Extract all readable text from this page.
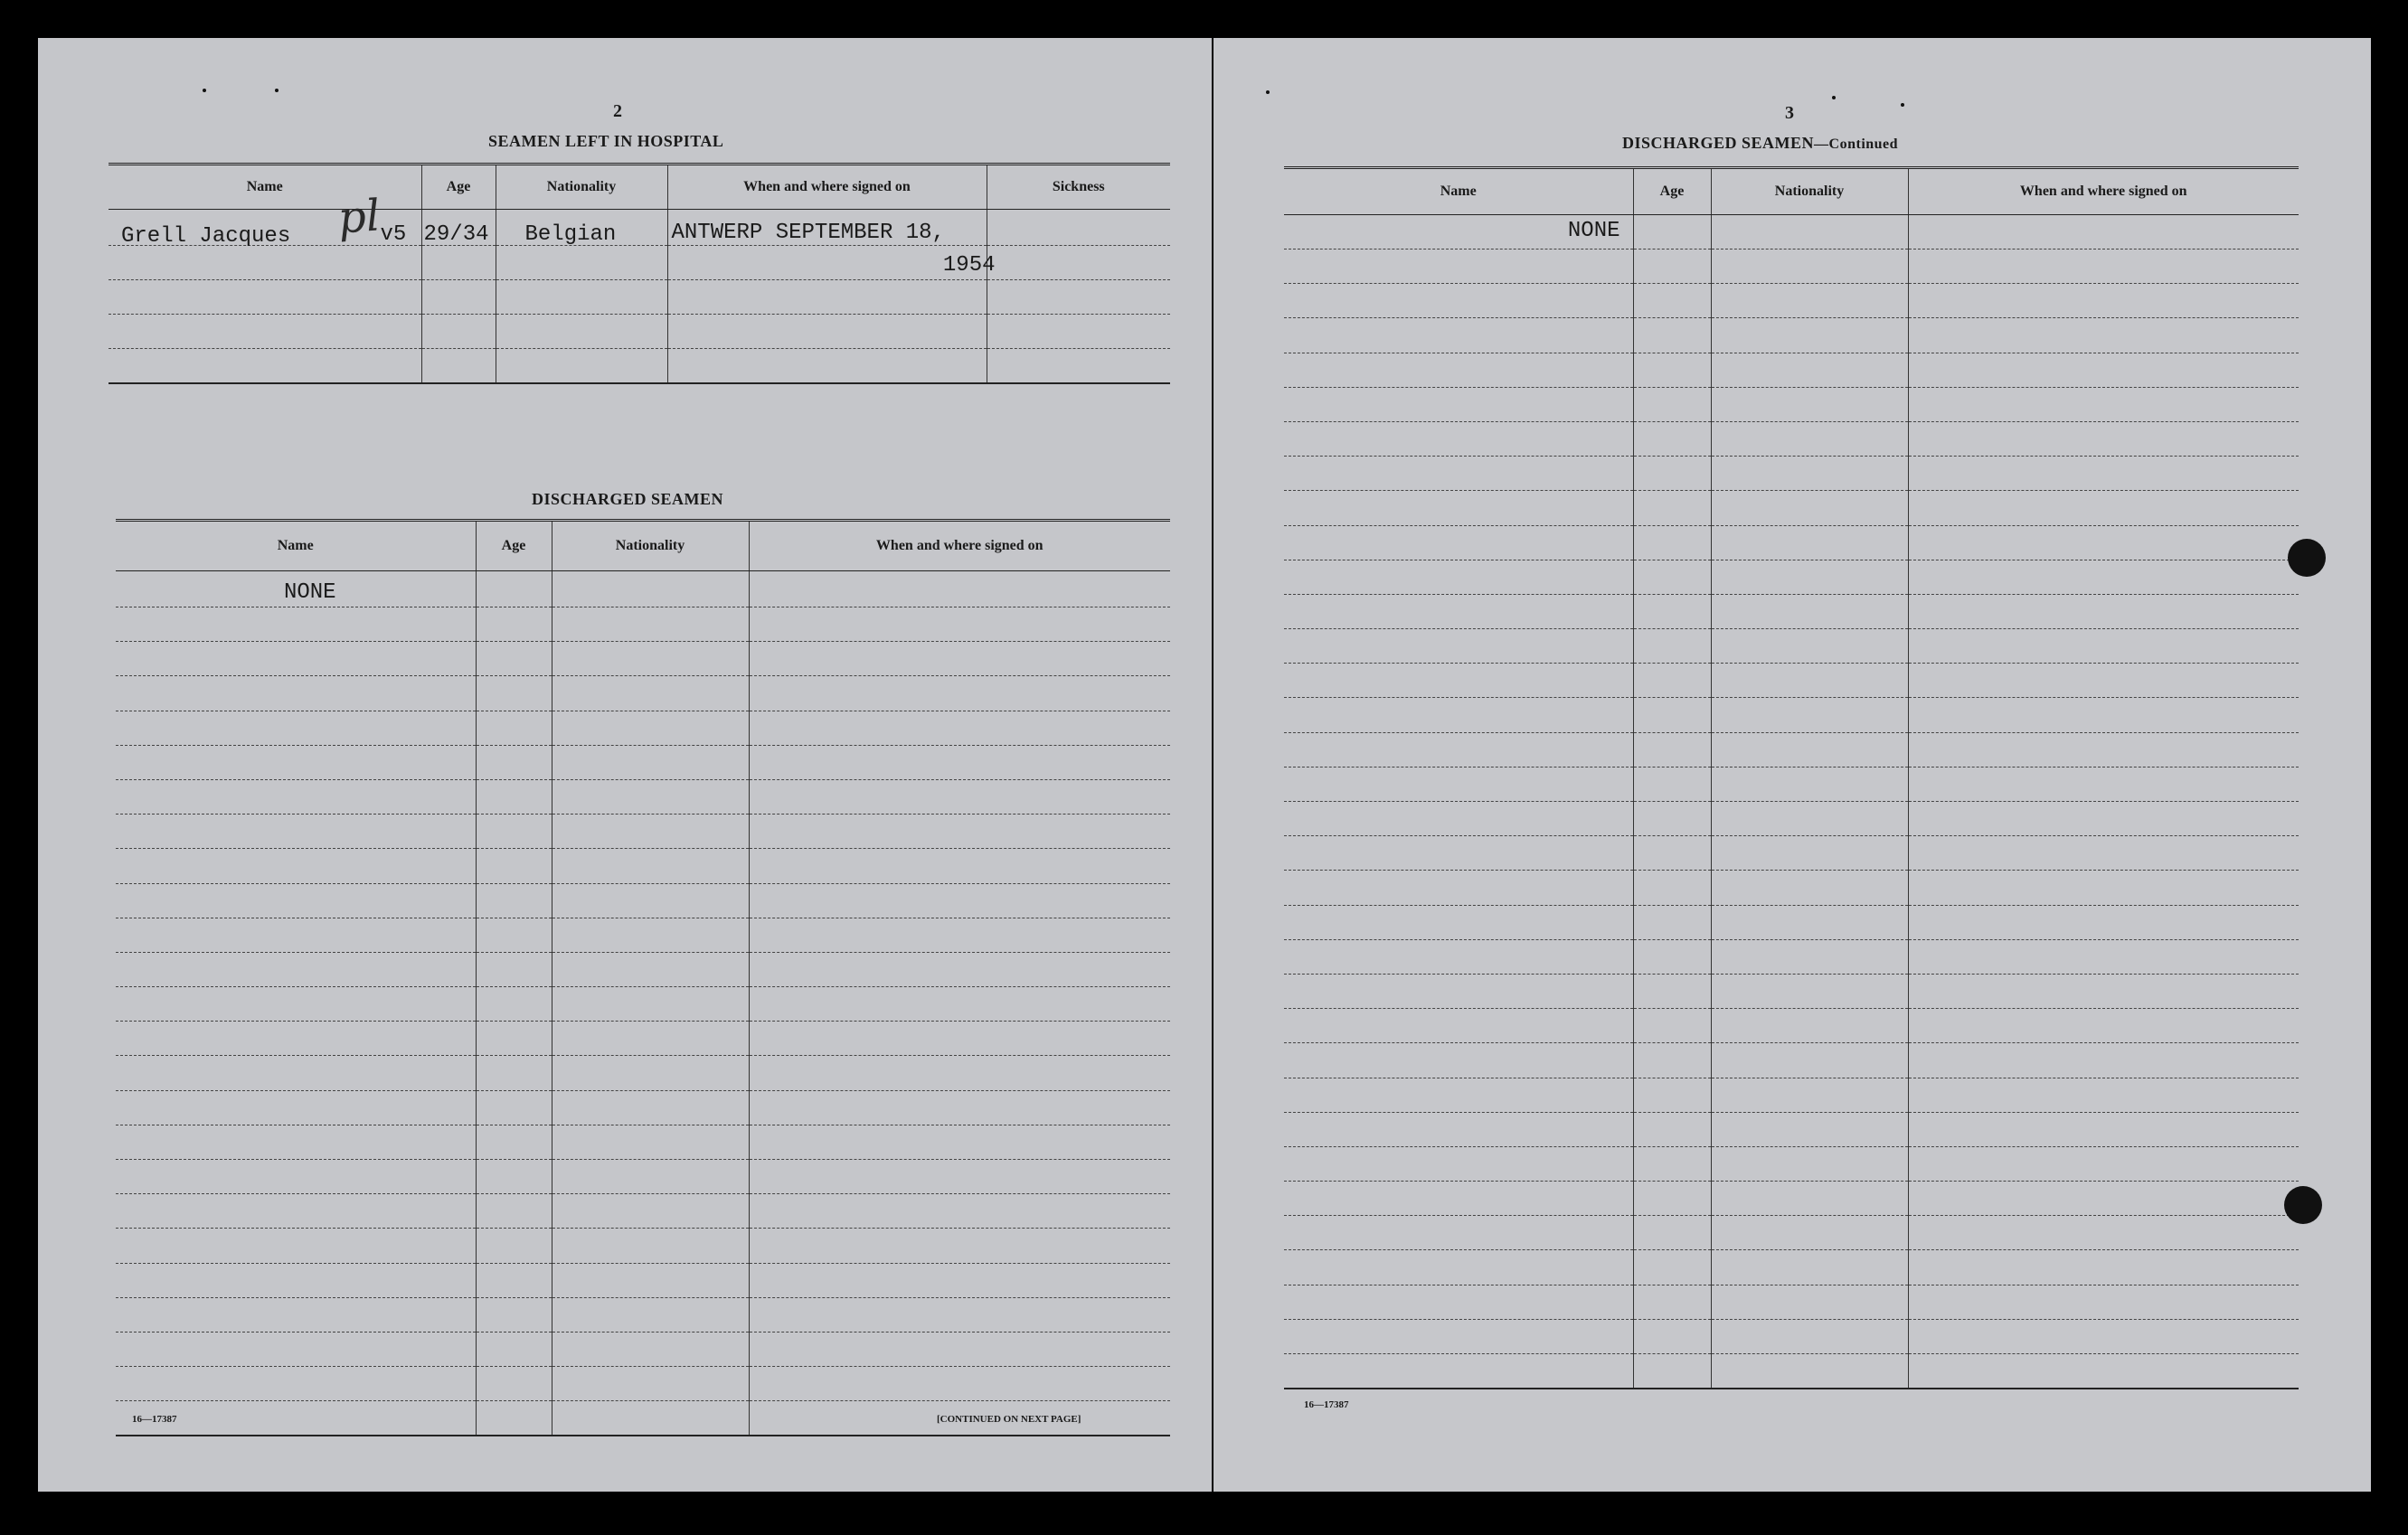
2
SEAMEN LEFT IN HOSPITAL
Name	Age	Nationality	When and where signed on	Sickness
Grell Jacques	v5 29/34	Belgian	ANTWERP SEPTEMBER 18,	
			1954	

pl
DISCHARGED SEAMEN
Name	Age	Nationality	When and where signed on
NONE			

16—17387	[CONTINUED ON NEXT PAGE]
3
DISCHARGED SEAMEN—Continued
Name	Age	Nationality	When and where signed on
NONE			

16—17387
